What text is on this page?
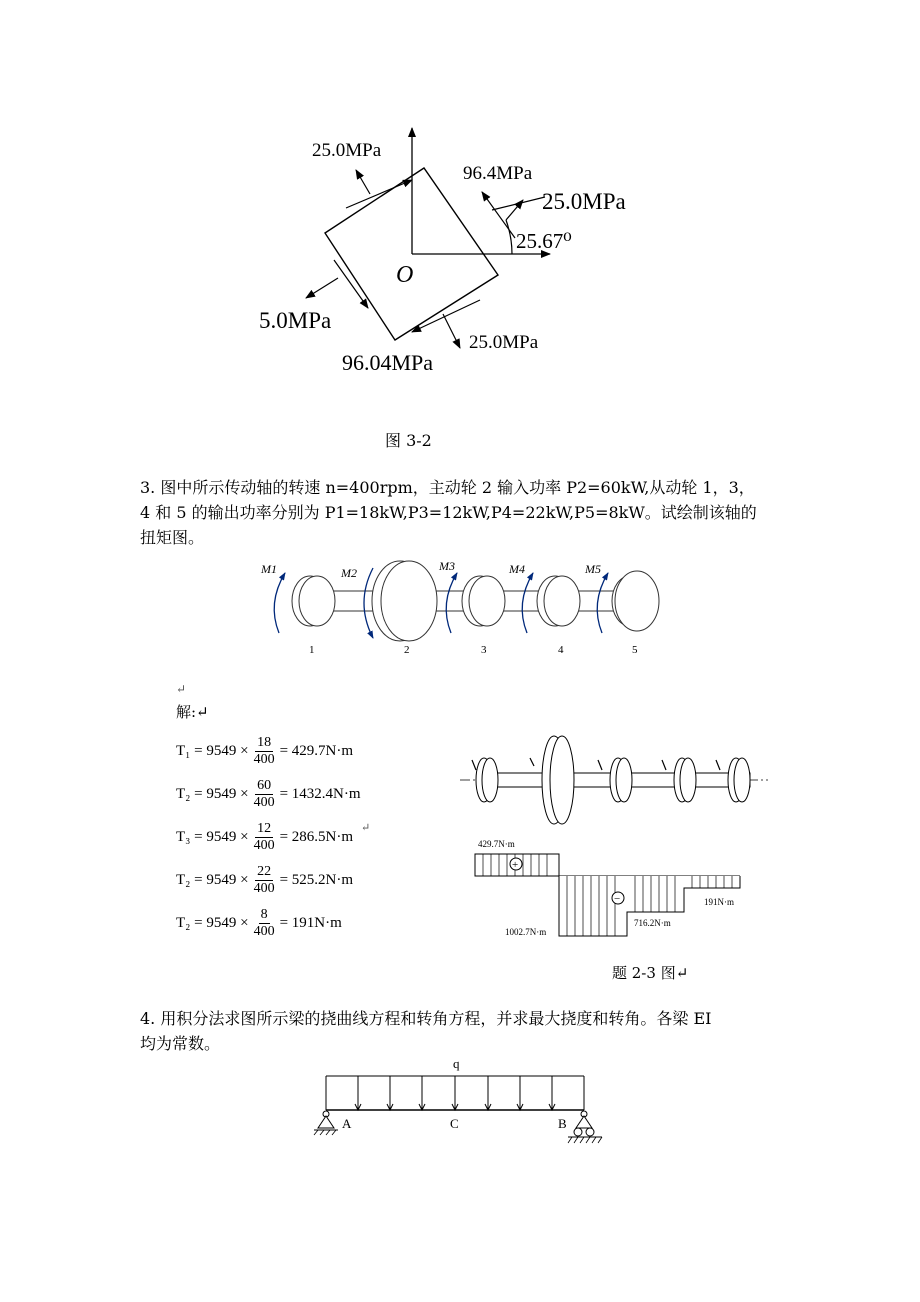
25.0MPa
96.4MPa
25.0MPa
25.67⁰
O
5.0MPa
25.0MPa
96.04MPa
图 3-2
3. 图中所示传动轴的转速 n=400rpm，主动轮 2 输入功率 P2=60kW,从动轮 1，3，
4 和 5 的输出功率分别为 P1=18kW,P3=12kW,P4=22kW,P5=8kW。试绘制该轴的
扭矩图。
M1	M2	M3	M4	M5
1	2	3	4	5
↵
解:↵
$T_1 = 9549 \times \frac{18}{400} = 429.7N\cdot m$
$T_2 = 9549 \times \frac{60}{400} = 1432.4N\cdot m$
$T_3 = 9549 \times \frac{12}{400} = 286.5N\cdot m$
↵
$T_2 = 9549 \times \frac{22}{400} = 525.2N\cdot m$
$T_2 = 9549 \times \frac{8}{400} = 191N\cdot m$
+
−
429.7N·m
1002.7N·m
716.2N·m
191N·m
题 2-3 图↵
4. 用积分法求图所示梁的挠曲线方程和转角方程，并求最大挠度和转角。各梁 EI
均为常数。
q
A	C	B
